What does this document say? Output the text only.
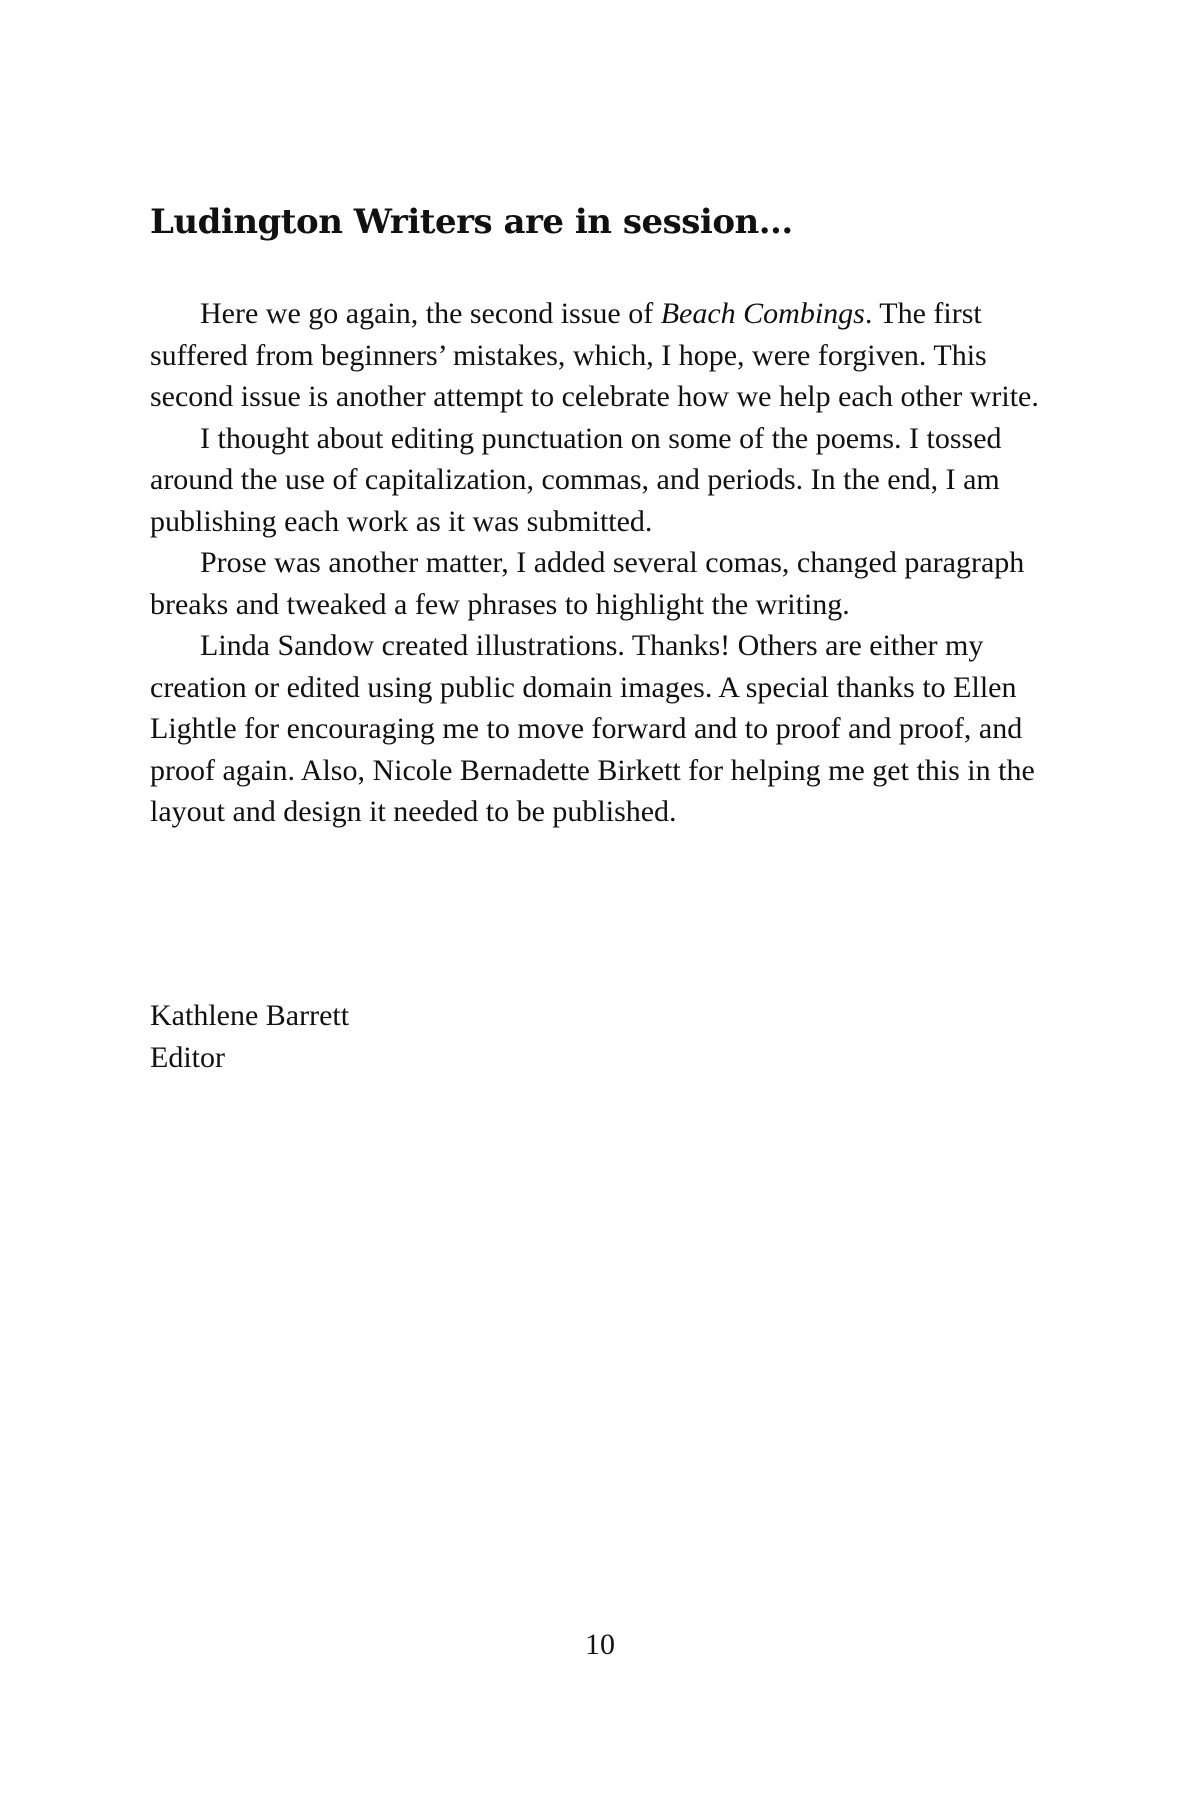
Ludington Writers are in session...

Here we go again, the second issue of Beach Combings. The first suffered from beginners’ mistakes, which, I hope, were forgiven. This second issue is another attempt to celebrate how we help each other write.

I thought about editing punctuation on some of the poems. I tossed around the use of capitalization, commas, and periods. In the end, I am publishing each work as it was submitted.

Prose was another matter, I added several comas, changed paragraph breaks and tweaked a few phrases to highlight the writing.

Linda Sandow created illustrations. Thanks! Others are either my creation or edited using public domain images. A special thanks to Ellen Lightle for encouraging me to move forward and to proof and proof, and proof again. Also, Nicole Bernadette Birkett for helping me get this in the layout and design it needed to be published.

Kathlene Barrett
Editor
10
